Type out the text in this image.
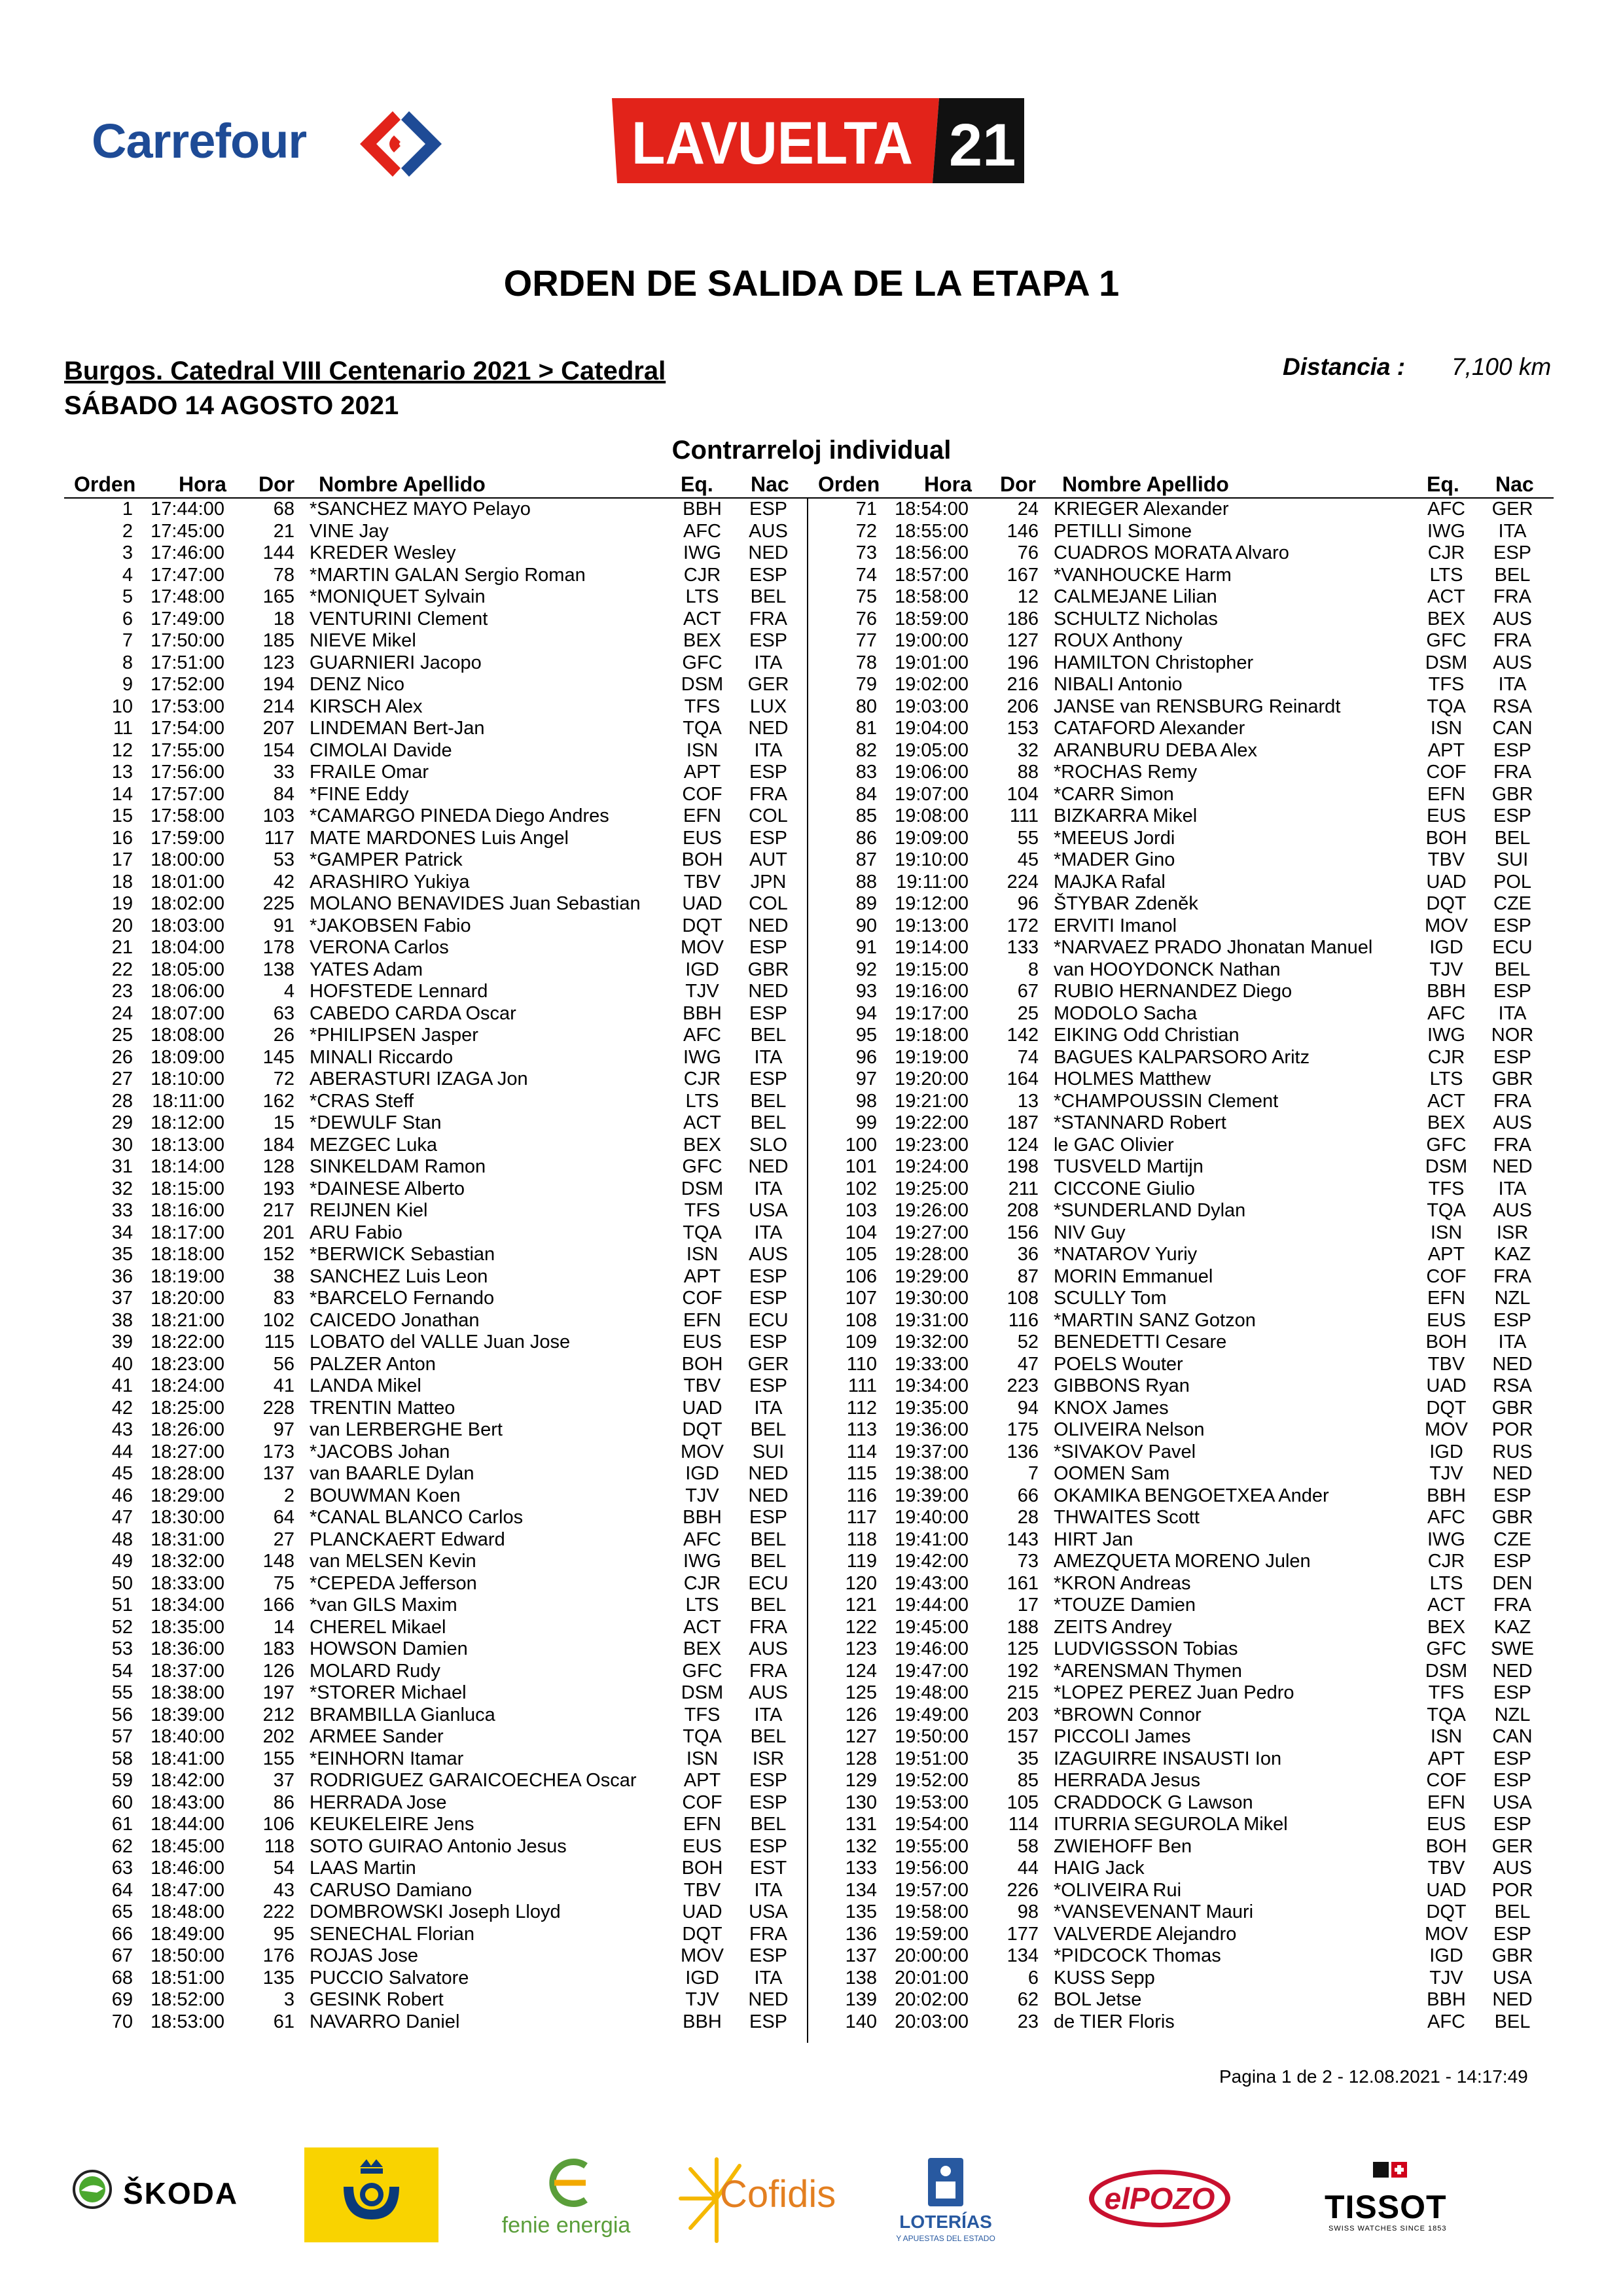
Carrefour	LAVUELTA 21
ORDEN DE SALIDA DE LA ETAPA 1
Burgos. Catedral VIII Centenario 2021 > Catedral
SÁBADO 14 AGOSTO 2021
Distancia : 7,100 km
Contrarreloj individual
Orden Hora Dor Nombre Apellido	Eq. Nac Orden Hora Dor Nombre Apellido	Eq. Nac
1 17:44:00	68 *SANCHEZ MAYO Pelayo	BBH	ESP
2 17:45:00	21 VINE Jay	AFC	AUS
3 17:46:00	144 KREDER Wesley	IWG	NED
4 17:47:00	78 *MARTIN GALAN Sergio Roman	CJR	ESP
5 17:48:00	165 *MONIQUET Sylvain	LTS	BEL
6 17:49:00	18 VENTURINI Clement	ACT	FRA
7 17:50:00	185 NIEVE Mikel	BEX	ESP
8 17:51:00	123 GUARNIERI Jacopo	GFC	ITA
9 17:52:00	194 DENZ Nico	DSM	GER
10 17:53:00	214 KIRSCH Alex	TFS	LUX
11 17:54:00	207 LINDEMAN Bert-Jan	TQA	NED
12 17:55:00	154 CIMOLAI Davide	ISN	ITA
13 17:56:00	33 FRAILE Omar	APT	ESP
14 17:57:00	84 *FINE Eddy	COF	FRA
15 17:58:00	103 *CAMARGO PINEDA Diego Andres	EFN	COL
16 17:59:00	117 MATE MARDONES Luis Angel	EUS	ESP
17 18:00:00	53 *GAMPER Patrick	BOH	AUT
18 18:01:00	42 ARASHIRO Yukiya	TBV	JPN
19 18:02:00	225 MOLANO BENAVIDES Juan Sebastian	UAD	COL
20 18:03:00	91 *JAKOBSEN Fabio	DQT	NED
21 18:04:00	178 VERONA Carlos	MOV	ESP
22 18:05:00	138 YATES Adam	IGD	GBR
23 18:06:00	4 HOFSTEDE Lennard	TJV	NED
24 18:07:00	63 CABEDO CARDA Oscar	BBH	ESP
25 18:08:00	26 *PHILIPSEN Jasper	AFC	BEL
26 18:09:00	145 MINALI Riccardo	IWG	ITA
27 18:10:00	72 ABERASTURI IZAGA Jon	CJR	ESP
28	18:11:00	162 *CRAS Steff	LTS	BEL
29 18:12:00	15 *DEWULF Stan	ACT	BEL
30 18:13:00	184 MEZGEC Luka	BEX	SLO
31 18:14:00	128 SINKELDAM Ramon	GFC	NED
32 18:15:00	193 *DAINESE Alberto	DSM	ITA
33 18:16:00	217 REIJNEN Kiel	TFS	USA
34 18:17:00	201 ARU Fabio	TQA	ITA
35 18:18:00	152 *BERWICK Sebastian	ISN	AUS
36 18:19:00	38 SANCHEZ Luis Leon	APT	ESP
37 18:20:00	83 *BARCELO Fernando	COF	ESP
38 18:21:00	102 CAICEDO Jonathan	EFN	ECU
39 18:22:00	115 LOBATO del VALLE Juan Jose	EUS	ESP
40 18:23:00	56 PALZER Anton	BOH	GER
41 18:24:00	41 LANDA Mikel	TBV	ESP
42 18:25:00	228 TRENTIN Matteo	UAD	ITA
43 18:26:00	97 van LERBERGHE Bert	DQT	BEL
44 18:27:00	173 *JACOBS Johan	MOV	SUI
45 18:28:00	137 van BAARLE Dylan	IGD	NED
46 18:29:00	2 BOUWMAN Koen	TJV	NED
47 18:30:00	64 *CANAL BLANCO Carlos	BBH	ESP
48 18:31:00	27 PLANCKAERT Edward	AFC	BEL
49 18:32:00	148 van MELSEN Kevin	IWG	BEL
50 18:33:00	75 *CEPEDA Jefferson	CJR	ECU
51 18:34:00	166 *van GILS Maxim	LTS	BEL
52 18:35:00	14 CHEREL Mikael	ACT	FRA
53 18:36:00	183 HOWSON Damien	BEX	AUS
54 18:37:00	126 MOLARD Rudy	GFC	FRA
55 18:38:00	197 *STORER Michael	DSM	AUS
56 18:39:00	212 BRAMBILLA Gianluca	TFS	ITA
57 18:40:00	202 ARMEE Sander	TQA	BEL
58 18:41:00	155 *EINHORN Itamar	ISN	ISR
59 18:42:00	37 RODRIGUEZ GARAICOECHEA Oscar	APT	ESP
60 18:43:00	86 HERRADA Jose	COF	ESP
61 18:44:00	106 KEUKELEIRE Jens	EFN	BEL
62 18:45:00	118 SOTO GUIRAO Antonio Jesus	EUS	ESP
63 18:46:00	54 LAAS Martin	BOH	EST
64 18:47:00	43 CARUSO Damiano	TBV	ITA
65 18:48:00	222 DOMBROWSKI Joseph Lloyd	UAD	USA
66 18:49:00	95 SENECHAL Florian	DQT	FRA
67 18:50:00	176 ROJAS Jose	MOV	ESP
68 18:51:00	135 PUCCIO Salvatore	IGD	ITA
69 18:52:00	3 GESINK Robert	TJV	NED
70 18:53:00	61 NAVARRO Daniel	BBH	ESP
71 18:54:00	24 KRIEGER Alexander	AFC	GER
72 18:55:00	146 PETILLI Simone	IWG	ITA
73 18:56:00	76 CUADROS MORATA Alvaro	CJR	ESP
74 18:57:00	167 *VANHOUCKE Harm	LTS	BEL
75 18:58:00	12 CALMEJANE Lilian	ACT	FRA
76 18:59:00	186 SCHULTZ Nicholas	BEX	AUS
77 19:00:00	127 ROUX Anthony	GFC	FRA
78 19:01:00	196 HAMILTON Christopher	DSM	AUS
79 19:02:00	216 NIBALI Antonio	TFS	ITA
80 19:03:00	206 JANSE van RENSBURG Reinardt	TQA	RSA
81 19:04:00	153 CATAFORD Alexander	ISN	CAN
82 19:05:00	32 ARANBURU DEBA Alex	APT	ESP
83 19:06:00	88 *ROCHAS Remy	COF	FRA
84 19:07:00	104 *CARR Simon	EFN	GBR
85 19:08:00	111 BIZKARRA Mikel	EUS	ESP
86 19:09:00	55 *MEEUS Jordi	BOH	BEL
87 19:10:00	45 *MADER Gino	TBV	SUI
88	19:11:00	224 MAJKA Rafal	UAD	POL
89 19:12:00	96 ŠTYBAR Zdeněk	DQT	CZE
90 19:13:00	172 ERVITI Imanol	MOV	ESP
91 19:14:00	133 *NARVAEZ PRADO Jhonatan Manuel	IGD	ECU
92 19:15:00	8 van HOOYDONCK Nathan	TJV	BEL
93 19:16:00	67 RUBIO HERNANDEZ Diego	BBH	ESP
94 19:17:00	25 MODOLO Sacha	AFC	ITA
95 19:18:00	142 EIKING Odd Christian	IWG	NOR
96 19:19:00	74 BAGUES KALPARSORO Aritz	CJR	ESP
97 19:20:00	164 HOLMES Matthew	LTS	GBR
98 19:21:00	13 *CHAMPOUSSIN Clement	ACT	FRA
99 19:22:00	187 *STANNARD Robert	BEX	AUS
100 19:23:00	124 le GAC Olivier	GFC	FRA
101 19:24:00	198 TUSVELD Martijn	DSM	NED
102 19:25:00	211 CICCONE Giulio	TFS	ITA
103 19:26:00	208 *SUNDERLAND Dylan	TQA	AUS
104 19:27:00	156 NIV Guy	ISN	ISR
105 19:28:00	36 *NATAROV Yuriy	APT	KAZ
106 19:29:00	87 MORIN Emmanuel	COF	FRA
107 19:30:00	108 SCULLY Tom	EFN	NZL
108 19:31:00	116 *MARTIN SANZ Gotzon	EUS	ESP
109 19:32:00	52 BENEDETTI Cesare	BOH	ITA
110 19:33:00	47 POELS Wouter	TBV	NED
111 19:34:00	223 GIBBONS Ryan	UAD	RSA
112 19:35:00	94 KNOX James	DQT	GBR
113 19:36:00	175 OLIVEIRA Nelson	MOV	POR
114 19:37:00	136 *SIVAKOV Pavel	IGD	RUS
115 19:38:00	7 OOMEN Sam	TJV	NED
116 19:39:00	66 OKAMIKA BENGOETXEA Ander	BBH	ESP
117 19:40:00	28 THWAITES Scott	AFC	GBR
118 19:41:00	143 HIRT Jan	IWG	CZE
119 19:42:00	73 AMEZQUETA MORENO Julen	CJR	ESP
120 19:43:00	161 *KRON Andreas	LTS	DEN
121 19:44:00	17 *TOUZE Damien	ACT	FRA
122 19:45:00	188 ZEITS Andrey	BEX	KAZ
123 19:46:00	125 LUDVIGSSON Tobias	GFC	SWE
124 19:47:00	192 *ARENSMAN Thymen	DSM	NED
125 19:48:00	215 *LOPEZ PEREZ Juan Pedro	TFS	ESP
126 19:49:00	203 *BROWN Connor	TQA	NZL
127 19:50:00	157 PICCOLI James	ISN	CAN
128 19:51:00	35 IZAGUIRRE INSAUSTI Ion	APT	ESP
129 19:52:00	85 HERRADA Jesus	COF	ESP
130 19:53:00	105 CRADDOCK G Lawson	EFN	USA
131 19:54:00	114 ITURRIA SEGUROLA Mikel	EUS	ESP
132 19:55:00	58 ZWIEHOFF Ben	BOH	GER
133 19:56:00	44 HAIG Jack	TBV	AUS
134 19:57:00	226 *OLIVEIRA Rui	UAD	POR
135 19:58:00	98 *VANSEVENANT Mauri	DQT	BEL
136 19:59:00	177 VALVERDE Alejandro	MOV	ESP
137 20:00:00	134 *PIDCOCK Thomas	IGD	GBR
138 20:01:00	6 KUSS Sepp	TJV	USA
139 20:02:00	62 BOL Jetse	BBH	NED
140 20:03:00	23 de TIER Floris	AFC	BEL
Pagina 1 de 2 - 12.08.2021 - 14:17:49
ŠKODA
fenie energia
Cofidis
LOTERÍAS
Y APUESTAS DEL ESTADO
elPOZO	TISSOT
SWISS WATCHES SINCE 1853
